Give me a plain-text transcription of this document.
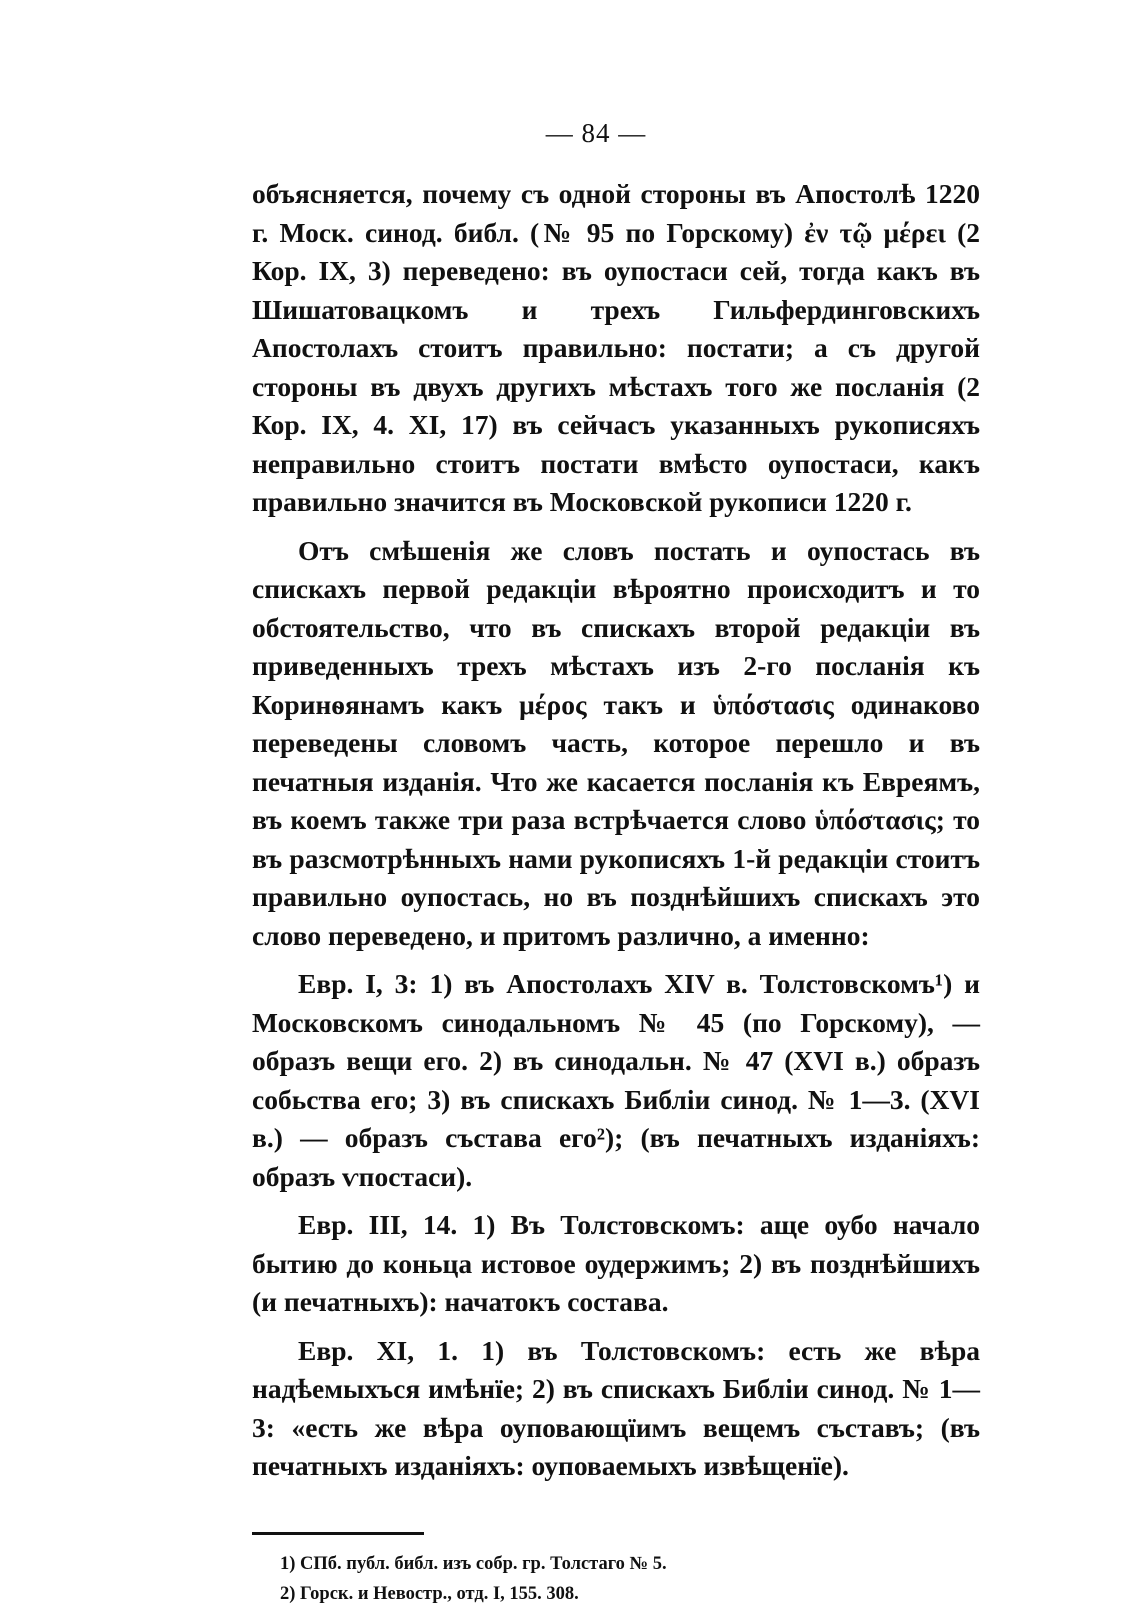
— 84 —

объясняется, почему съ одной стороны въ Апостолѣ 1220 г. Моск. синод. библ. (№ 95 по Горскому) ἐν τῷ μέρει (2 Кор. IX, 3) переведено: въ оупостаси сей, тогда какъ въ Шишатовацкомъ и трехъ Гильфердинговскихъ Апостолахъ стоитъ правильно: постати; а съ другой стороны въ двухъ другихъ мѣстахъ того же посланія (2 Кор. IX, 4. XI, 17) въ сейчасъ указанныхъ рукописяхъ неправильно стоитъ постати вмѣсто оупостаси, какъ правильно значится въ Московской рукописи 1220 г.

Отъ смѣшенія же словъ постать и оупостась въ спискахъ первой редакціи вѣроятно происходитъ и то обстоятельство, что въ спискахъ второй редакціи въ приведенныхъ трехъ мѣстахъ изъ 2-го посланія къ Коринѳянамъ какъ μέρος такъ и ὑπόστασις одинаково переведены словомъ часть, которое перешло и въ печатныя изданія. Что же касается посланія къ Евреямъ, въ коемъ также три раза встрѣчается слово ὑπόστασις; то въ разсмотрѣнныхъ нами рукописяхъ 1-й редакціи стоитъ правильно оупостась, но въ позднѣйшихъ спискахъ это слово переведено, и притомъ различно, а именно:

Евр. I, 3: 1) въ Апостолахъ XIV в. Толстовскомъ¹) и Московскомъ синодальномъ № 45 (по Горскому), — образъ вещи его. 2) въ синодальн. № 47 (XVI в.) образъ собьства его; 3) въ спискахъ Библіи синод. № 1—3. (XVI в.) — образъ състава его²); (въ печатныхъ изданіяхъ: образъ ѵпостаси).

Евр. III, 14. 1) Въ Толстовскомъ: аще оубо начало бытию до коньца истовое оудержимъ; 2) въ позднѣйшихъ (и печатныхъ): начатокъ состава.

Евр. XI, 1. 1) въ Толстовскомъ: есть же вѣра надѣемыхъся имѣнїе; 2) въ спискахъ Библіи синод. № 1—3: «есть же вѣра оуповающїимъ вещемъ съставъ; (въ печатныхъ изданіяхъ: оуповаемыхъ извѣщенїе).

1) СПб. публ. библ. изъ собр. гр. Толстаго № 5.

2) Горск. и Невостр., отд. I, 155. 308.
